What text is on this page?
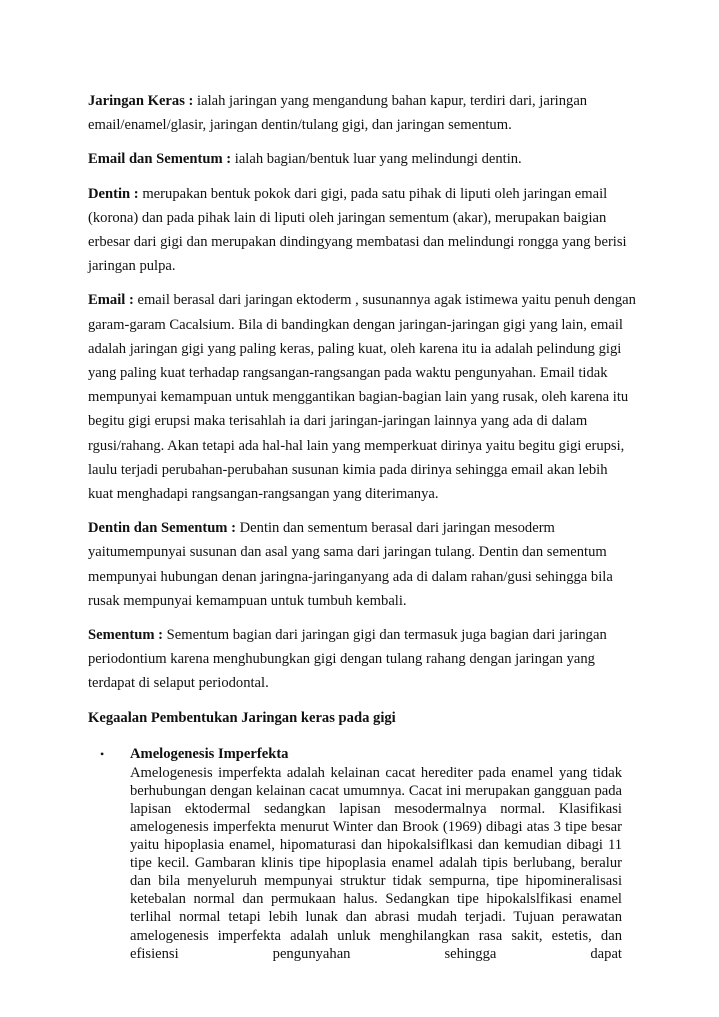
Jaringan Keras : ialah jaringan yang mengandung bahan kapur, terdiri dari, jaringan email/enamel/glasir, jaringan dentin/tulang gigi, dan jaringan sementum.

Email dan Sementum : ialah bagian/bentuk luar yang melindungi dentin.

Dentin : merupakan bentuk pokok dari gigi, pada satu pihak di liputi oleh jaringan email (korona) dan pada pihak lain di liputi oleh jaringan sementum (akar), merupakan baigian erbesar dari gigi dan merupakan dindingyang membatasi dan melindungi rongga yang berisi jaringan pulpa.

Email : email berasal dari jaringan ektoderm , susunannya agak istimewa yaitu penuh dengan garam-garam Cacalsium. Bila di bandingkan dengan jaringan-jaringan gigi yang lain, email adalah jaringan gigi yang paling keras, paling kuat, oleh karena itu ia adalah pelindung gigi yang paling kuat terhadap rangsangan-rangsangan pada waktu pengunyahan. Email tidak mempunyai kemampuan untuk menggantikan bagian-bagian lain yang rusak, oleh karena itu begitu gigi erupsi maka terisahlah ia dari jaringan-jaringan lainnya yang ada di dalam rgusi/rahang. Akan tetapi ada hal-hal lain yang memperkuat dirinya yaitu begitu gigi erupsi, laulu terjadi perubahan-perubahan susunan kimia pada dirinya sehingga email akan lebih kuat menghadapi rangsangan-rangsangan yang diterimanya.

Dentin dan Sementum : Dentin dan sementum berasal dari jaringan mesoderm yaitumempunyai susunan dan asal yang sama dari jaringan tulang. Dentin dan sementum mempunyai hubungan denan jaringna-jaringanyang ada di dalam rahan/gusi sehingga bila rusak mempunyai kemampuan untuk tumbuh kembali.

Sementum : Sementum bagian dari jaringan gigi dan termasuk juga bagian dari jaringan periodontium karena menghubungkan gigi dengan tulang rahang dengan jaringan yang terdapat di selaput periodontal.

Kegaalan Pembentukan Jaringan keras pada gigi

• Amelogenesis Imperfekta

Amelogenesis imperfekta adalah kelainan cacat herediter pada enamel yang tidak berhubungan dengan kelainan cacat umumnya. Cacat ini merupakan gangguan pada lapisan ektodermal sedangkan lapisan mesodermalnya normal. Klasifikasi amelogenesis imperfekta menurut Winter dan Brook (1969) dibagi atas 3 tipe besar yaitu hipoplasia enamel, hipomaturasi dan hipokalsiflkasi dan kemudian dibagi 11 tipe kecil. Gambaran klinis tipe hipoplasia enamel adalah tipis berlubang, beralur dan bila menyeluruh mempunyai struktur tidak sempurna, tipe hipomineralisasi ketebalan normal dan permukaan halus. Sedangkan tipe hipokalslfikasi enamel terlihal normal tetapi lebih lunak dan abrasi mudah terjadi. Tujuan perawatan amelogenesis imperfekta adalah unluk menghilangkan rasa sakit, estetis, dan efisiensi pengunyahan sehingga dapat
